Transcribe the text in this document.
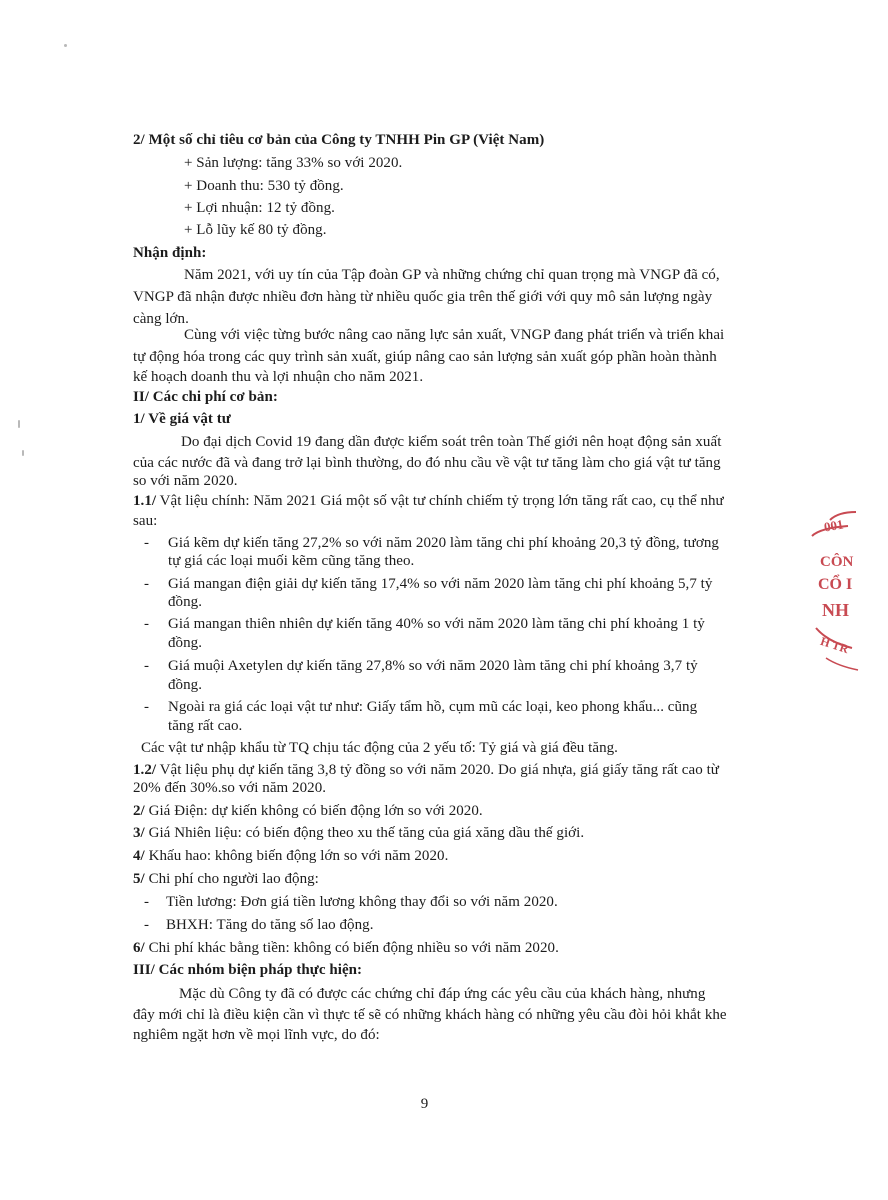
2/ Một số chỉ tiêu cơ bản của Công ty TNHH Pin GP (Việt Nam)
+ Sản lượng: tăng 33% so với 2020.
+ Doanh thu: 530 tỷ đồng.
+ Lợi nhuận: 12 tỷ đồng.
+ Lỗ lũy kế 80 tỷ đồng.
Nhận định:
Năm 2021, với uy tín của Tập đoàn GP và những chứng chỉ quan trọng mà VNGP đã có,
VNGP đã nhận được nhiều đơn hàng từ nhiều quốc gia trên thế giới với quy mô sản lượng ngày
càng lớn.
Cùng với việc từng bước nâng cao năng lực sản xuất, VNGP đang phát triển và triển khai
tự động hóa trong các quy trình sản xuất, giúp nâng cao sản lượng sản xuất góp phần hoàn thành
kế hoạch doanh thu và lợi nhuận cho năm 2021.
II/ Các chi phí cơ bản:
1/ Về giá vật tư
Do đại dịch Covid 19 đang dần được kiểm soát trên toàn Thế giới nên hoạt động sản xuất
của các nước đã và đang trở lại bình thường, do đó nhu cầu về vật tư tăng làm cho giá vật tư tăng
so với năm 2020.
1.1/ Vật liệu chính: Năm 2021 Giá một số vật tư chính chiếm tỷ trọng lớn tăng rất cao, cụ thể như
sau:
Giá kẽm dự kiến tăng 27,2% so với năm 2020 làm tăng chi phí khoảng 20,3 tỷ đồng, tương
tự giá các loại muối kẽm cũng tăng theo.
Giá mangan điện giải dự kiến tăng 17,4% so với năm 2020 làm tăng chi phí khoảng 5,7 tỷ
đồng.
Giá mangan thiên nhiên dự kiến tăng 40% so với năm 2020 làm tăng chi phí khoảng 1 tỷ
đồng.
Giá muội Axetylen dự kiến tăng 27,8% so với năm 2020 làm tăng chi phí khoảng 3,7 tỷ
đồng.
Ngoài ra giá các loại vật tư như: Giấy tẩm hồ, cụm mũ các loại, keo phong khẩu... cũng
tăng rất cao.
Các vật tư nhập khẩu từ TQ chịu tác động của 2 yếu tố: Tỷ giá và giá đều tăng.
1.2/ Vật liệu phụ dự kiến tăng 3,8 tỷ đồng so với năm 2020. Do giá nhựa, giá giấy tăng rất cao từ
20% đến 30%.so với năm 2020.
2/ Giá Điện: dự kiến không có biến động lớn so với 2020.
3/ Giá Nhiên liệu: có biến động theo xu thế tăng của giá xăng dầu thế giới.
4/ Khấu hao: không biến động lớn so với năm 2020.
5/ Chi phí cho người lao động:
Tiền lương: Đơn giá tiền lương không thay đổi so với năm 2020.
BHXH: Tăng do tăng số lao động.
6/ Chi phí khác bằng tiền: không có biến động nhiều so với năm 2020.
III/ Các nhóm biện pháp thực hiện:
Mặc dù Công ty đã có được các chứng chỉ đáp ứng các yêu cầu của khách hàng, nhưng
đây mới chỉ là điều kiện cần vì thực tế sẽ có những khách hàng có những yêu cầu đòi hỏi khắt khe
nghiêm ngặt hơn về mọi lĩnh vực, do đó:
-
-
-
-
-
-
-
001
CÔN
CỔ I
NH
H TR
9
